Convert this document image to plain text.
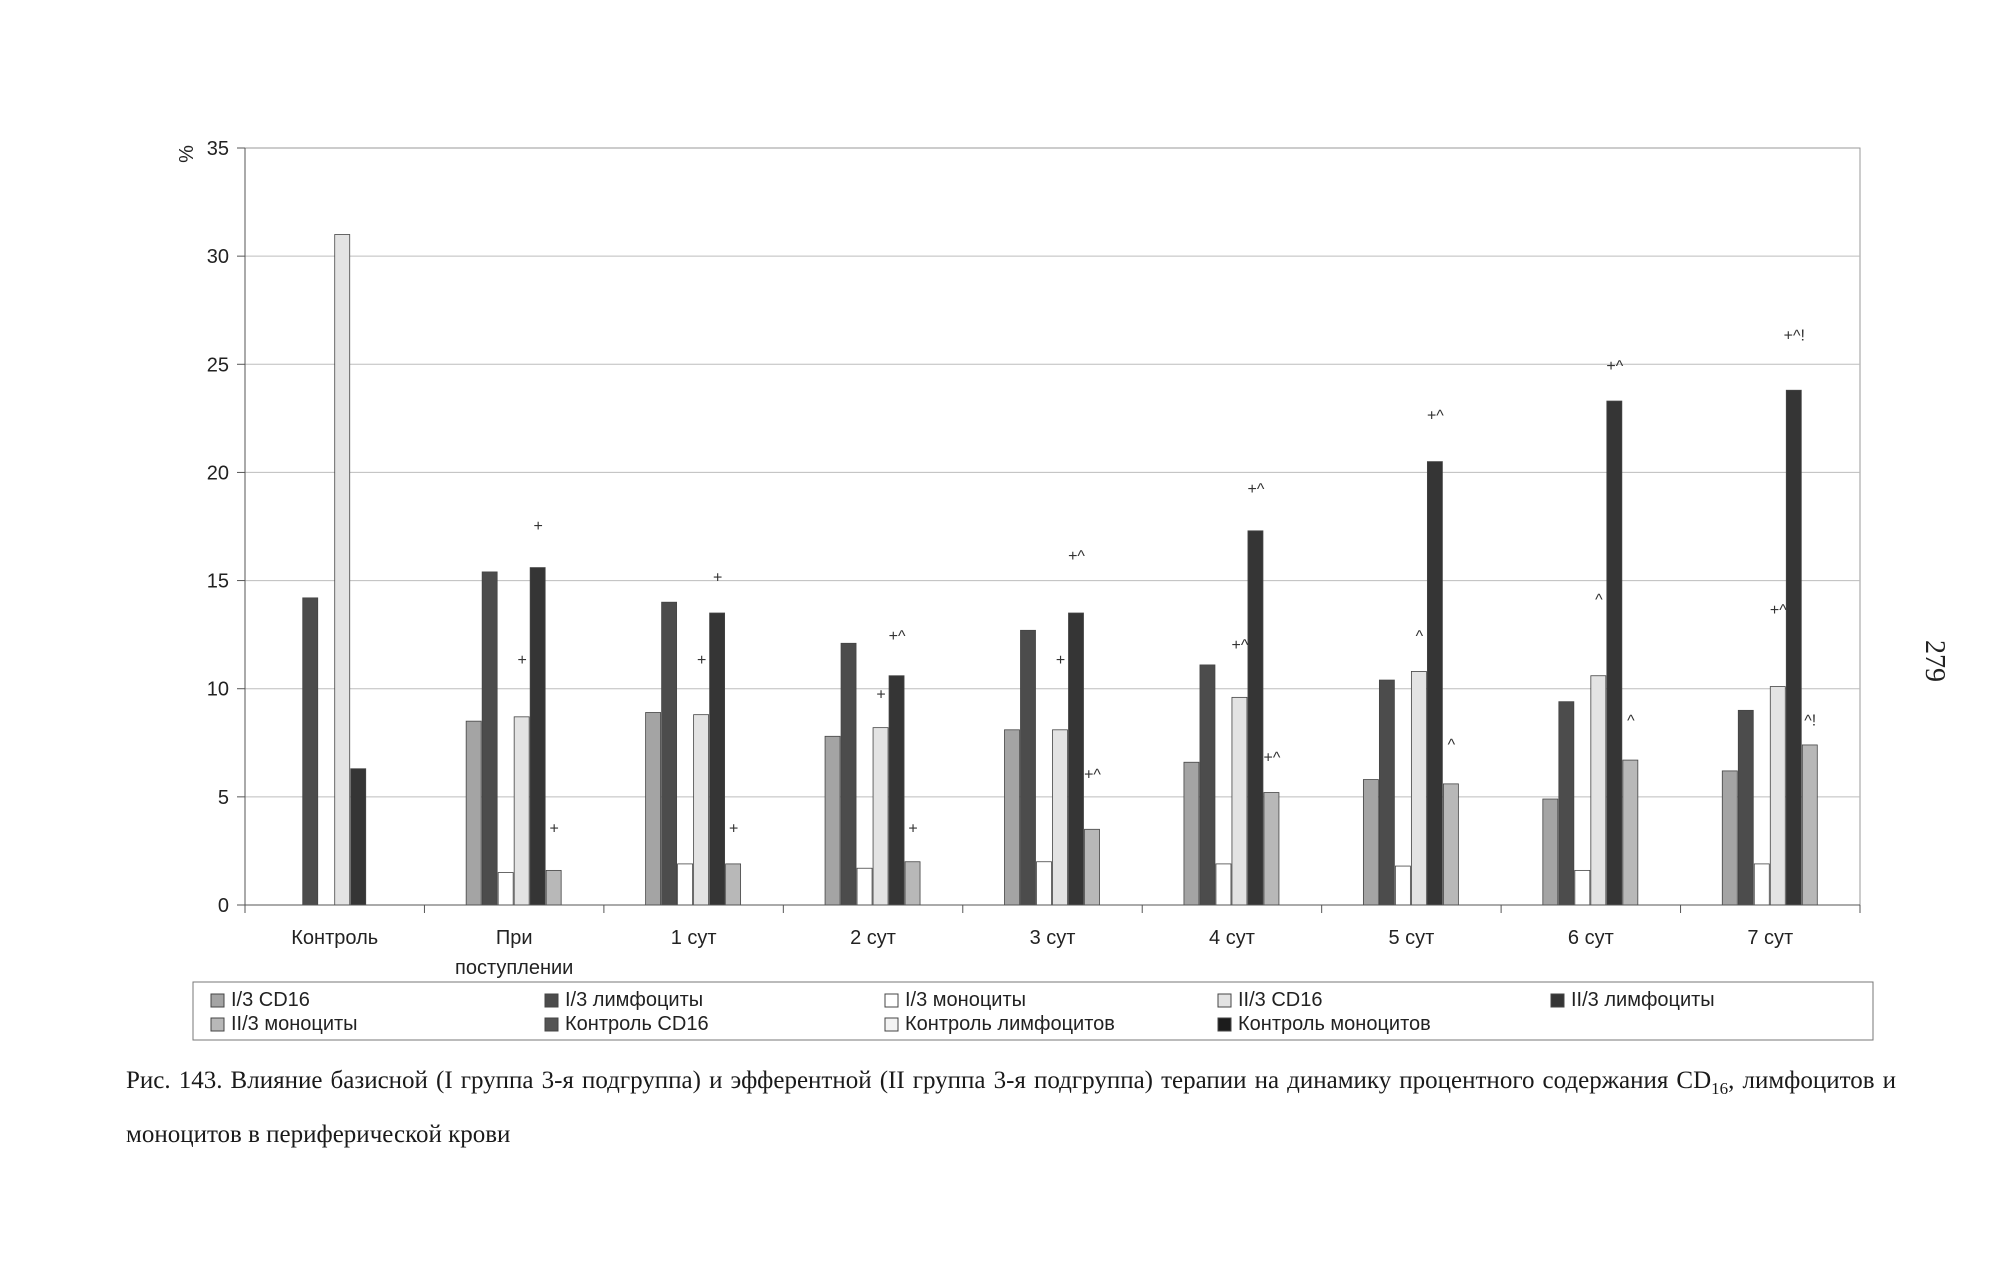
%
0
5
10
15
20
25
30
35
+
+
+
+
+
+
+
+^
+
+
+^
+^
+^
+^
+^
^
+^
^
^
+^
^
+^
+^!
^!
Контроль	При
поступлении
1 сут	2 сут	3 сут	4 сут	5 сут	6 сут	7 сут
I/3 CD16	I/3 лимфоциты	I/3 моноциты	II/3 CD16	II/3 лимфоциты
II/3 моноциты	Контроль CD16	Контроль лимфоцитов	Контроль моноцитов
Рис. 143. Влияние базисной (I группа 3-я подгруппа) и эфферентной (II группа 3-я подгруппа) терапии на динамику процентного содержания $CD_{16}$, лимфоцитов и моноцитов в периферической крови
279
